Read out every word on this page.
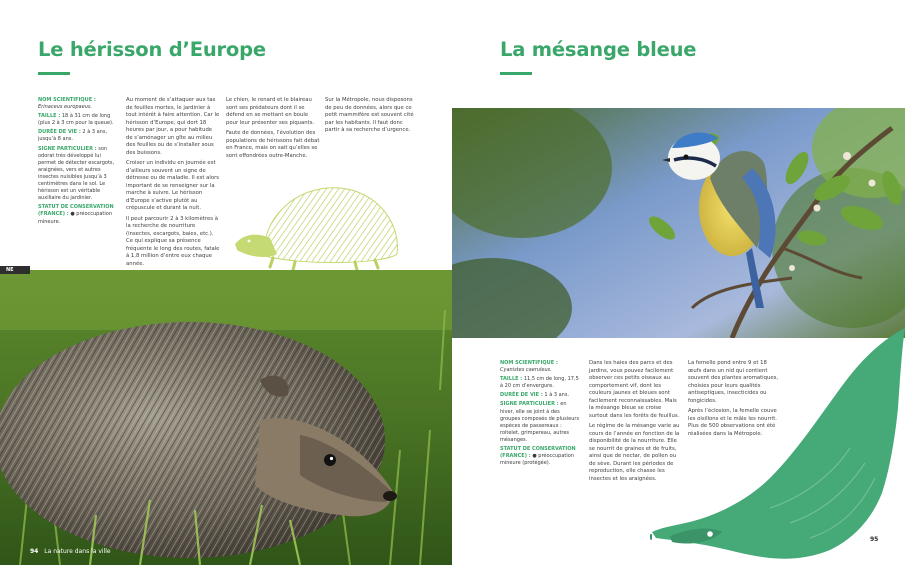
Le hérisson d’Europe
NOM SCIENTIFIQUE :
Erinaceus europaeus.
TAILLE : 18 à 31 cm de long (plus 2 à 3 cm pour la queue).
DURÉE DE VIE : 2 à 3 ans, jusqu’à 8 ans.
SIGNE PARTICULIER : son odorat très développé lui permet de détecter escargots, araignées, vers et autres insectes nuisibles jusqu’à 3 centimètres dans le sol. Le hérisson est un véritable auxiliaire du jardinier.
STATUT DE CONSERVATION (FRANCE) : ● préoccupation mineure.

Au moment de s’attaquer aux tas de feuilles mortes, le jardinier à tout intérêt à faire attention. Car le hérisson d’Europe, qui dort 18 heures par jour, a pour habitude de s’aménager un gîte au milieu des feuilles ou de s’installer sous des buissons.

Croiser un individu en journée est d’ailleurs souvent un signe de détresse ou de maladie. Il est alors important de se renseigner sur la marche à suivre. Le hérisson d’Europe s’active plutôt au crépuscule et durant la nuit.

Il peut parcourir 2 à 3 kilomètres à la recherche de nourriture (insectes, escargots, baies, etc.). Ce qui explique sa présence fréquente le long des routes, fatale à 1,8 million d’entre eux chaque année.

Le chien, le renard et le blaireau sont ses prédateurs dont il se défend en se mettant en boule pour leur présenter ses piquants.

Faute de données, l’évolution des populations de hérissons fait débat en France, mais on sait qu’elles se sont effondrées outre-Manche.

Sur la Métropole, nous disposons de peu de données, alors que ce petit mammifère est souvent cité par les habitants. Il faut donc partir à sa recherche d’urgence.

NE
94 La nature dans la ville
La mésange bleue
NOM SCIENTIFIQUE :
Cyanistes caeruleus.
TAILLE : 11,5 cm de long, 17,5 à 20 cm d’envergure.
DURÉE DE VIE : 1 à 3 ans.
SIGNE PARTICULIER : en hiver, elle se joint à des groupes composés de plusieurs espèces de passereaux : roitelet, grimpereau, autres mésanges.
STATUT DE CONSERVATION (FRANCE) : ● préoccupation mineure (protégée).

Dans les haies des parcs et des jardins, vous pouvez facilement observer ces petits oiseaux au comportement vif, dont les couleurs jaunes et bleues sont facilement reconnaissables. Mais la mésange bleue se croise surtout dans les forêts de feuillus.

Le régime de la mésange varie au cours de l’année en fonction de la disponibilité de la nourriture. Elle se nourrit de graines et de fruits, ainsi que de nectar, de pollen ou de sève. Durant les périodes de reproduction, elle chasse les insectes et les araignées.

La femelle pond entre 9 et 18 œufs dans un nid qui contient souvent des plantes aromatiques, choisies pour leurs qualités antiseptiques, insecticides ou fongicides.

Après l’éclosion, la femelle couve les oisillons et le mâle les nourrit. Plus de 500 observations ont été réalisées dans la Métropole.

95
